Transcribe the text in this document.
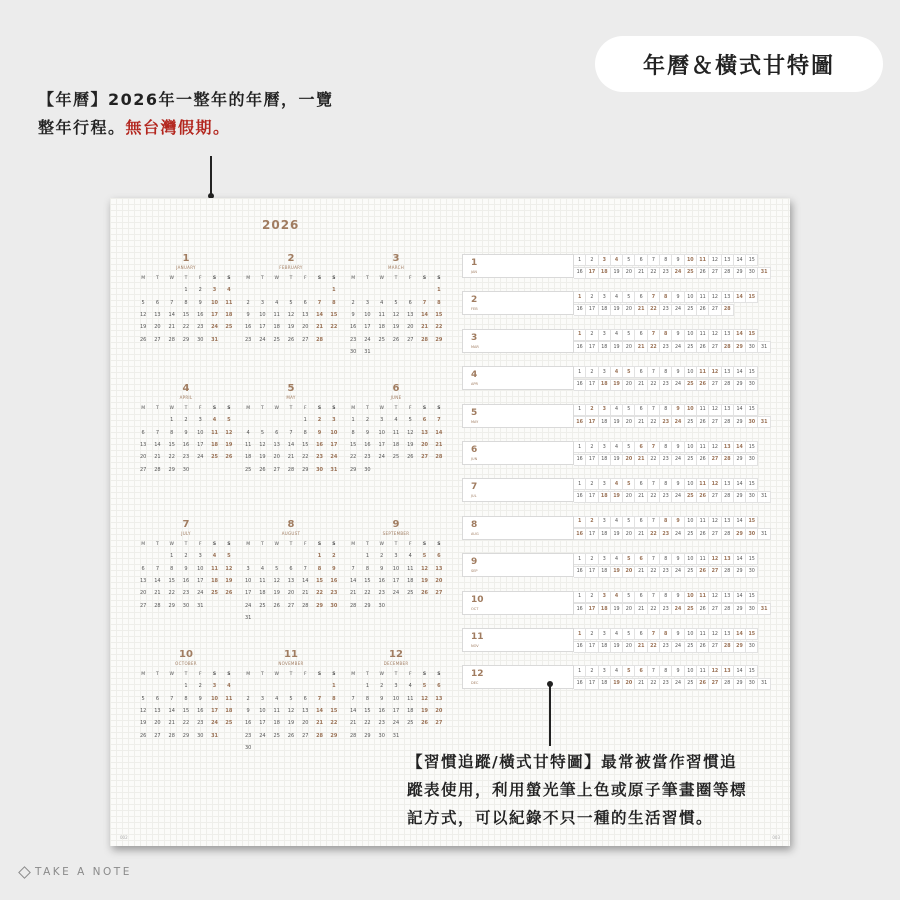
年曆＆橫式甘特圖
【年曆】2026年一整年的年曆，一覽
整年行程。無台灣假期。
2026
1
JANUARY
M	T	W	T	F	S	S
			1	2	3	4
5	6	7	8	9	10	11
12	13	14	15	16	17	18
19	20	21	22	23	24	25
26	27	28	29	30	31	
2
FEBRUARY
M	T	W	T	F	S	S
						1
2	3	4	5	6	7	8
9	10	11	12	13	14	15
16	17	18	19	20	21	22
23	24	25	26	27	28	
3
MARCH
M	T	W	T	F	S	S
						1
2	3	4	5	6	7	8
9	10	11	12	13	14	15
16	17	18	19	20	21	22
23	24	25	26	27	28	29
30	31					
4
APRIL
M	T	W	T	F	S	S
		1	2	3	4	5
6	7	8	9	10	11	12
13	14	15	16	17	18	19
20	21	22	23	24	25	26
27	28	29	30			
5
MAY
M	T	W	T	F	S	S
				1	2	3
4	5	6	7	8	9	10
11	12	13	14	15	16	17
18	19	20	21	22	23	24
25	26	27	28	29	30	31
6
JUNE
M	T	W	T	F	S	S
1	2	3	4	5	6	7
8	9	10	11	12	13	14
15	16	17	18	19	20	21
22	23	24	25	26	27	28
29	30					
7
JULY
M	T	W	T	F	S	S
		1	2	3	4	5
6	7	8	9	10	11	12
13	14	15	16	17	18	19
20	21	22	23	24	25	26
27	28	29	30	31		
8
AUGUST
M	T	W	T	F	S	S
					1	2
3	4	5	6	7	8	9
10	11	12	13	14	15	16
17	18	19	20	21	22	23
24	25	26	27	28	29	30
31						
9
SEPTEMBER
M	T	W	T	F	S	S
	1	2	3	4	5	6
7	8	9	10	11	12	13
14	15	16	17	18	19	20
21	22	23	24	25	26	27
28	29	30				
10
OCTOBER
M	T	W	T	F	S	S
			1	2	3	4
5	6	7	8	9	10	11
12	13	14	15	16	17	18
19	20	21	22	23	24	25
26	27	28	29	30	31	
11
NOVEMBER
M	T	W	T	F	S	S
						1
2	3	4	5	6	7	8
9	10	11	12	13	14	15
16	17	18	19	20	21	22
23	24	25	26	27	28	29
30						
12
DECEMBER
M	T	W	T	F	S	S
	1	2	3	4	5	6
7	8	9	10	11	12	13
14	15	16	17	18	19	20
21	22	23	24	25	26	27
28	29	30	31			
1
JAN
1	2	3	4	5	6	7	8	9	10	11	12	13	14	15
16	17	18	19	20	21	22	23	24	25	26	27	28	29	30	31
2
FEB
1	2	3	4	5	6	7	8	9	10	11	12	13	14	15
16	17	18	19	20	21	22	23	24	25	26	27	28
3
MAR
1	2	3	4	5	6	7	8	9	10	11	12	13	14	15
16	17	18	19	20	21	22	23	24	25	26	27	28	29	30	31
4
APR
1	2	3	4	5	6	7	8	9	10	11	12	13	14	15
16	17	18	19	20	21	22	23	24	25	26	27	28	29	30
5
MAY
1	2	3	4	5	6	7	8	9	10	11	12	13	14	15
16	17	18	19	20	21	22	23	24	25	26	27	28	29	30	31
6
JUN
1	2	3	4	5	6	7	8	9	10	11	12	13	14	15
16	17	18	19	20	21	22	23	24	25	26	27	28	29	30
7
JUL
1	2	3	4	5	6	7	8	9	10	11	12	13	14	15
16	17	18	19	20	21	22	23	24	25	26	27	28	29	30	31
8
AUG
1	2	3	4	5	6	7	8	9	10	11	12	13	14	15
16	17	18	19	20	21	22	23	24	25	26	27	28	29	30	31
9
SEP
1	2	3	4	5	6	7	8	9	10	11	12	13	14	15
16	17	18	19	20	21	22	23	24	25	26	27	28	29	30
10
OCT
1	2	3	4	5	6	7	8	9	10	11	12	13	14	15
16	17	18	19	20	21	22	23	24	25	26	27	28	29	30	31
11
NOV
1	2	3	4	5	6	7	8	9	10	11	12	13	14	15
16	17	18	19	20	21	22	23	24	25	26	27	28	29	30
12
DEC
1	2	3	4	5	6	7	8	9	10	11	12	13	14	15
16	17	18	19	20	21	22	23	24	25	26	27	28	29	30	31
002	003
【習慣追蹤/橫式甘特圖】最常被當作習慣追
蹤表使用，利用螢光筆上色或原子筆畫圈等標
記方式，可以紀錄不只一種的生活習慣。
TAKE A NOTE
